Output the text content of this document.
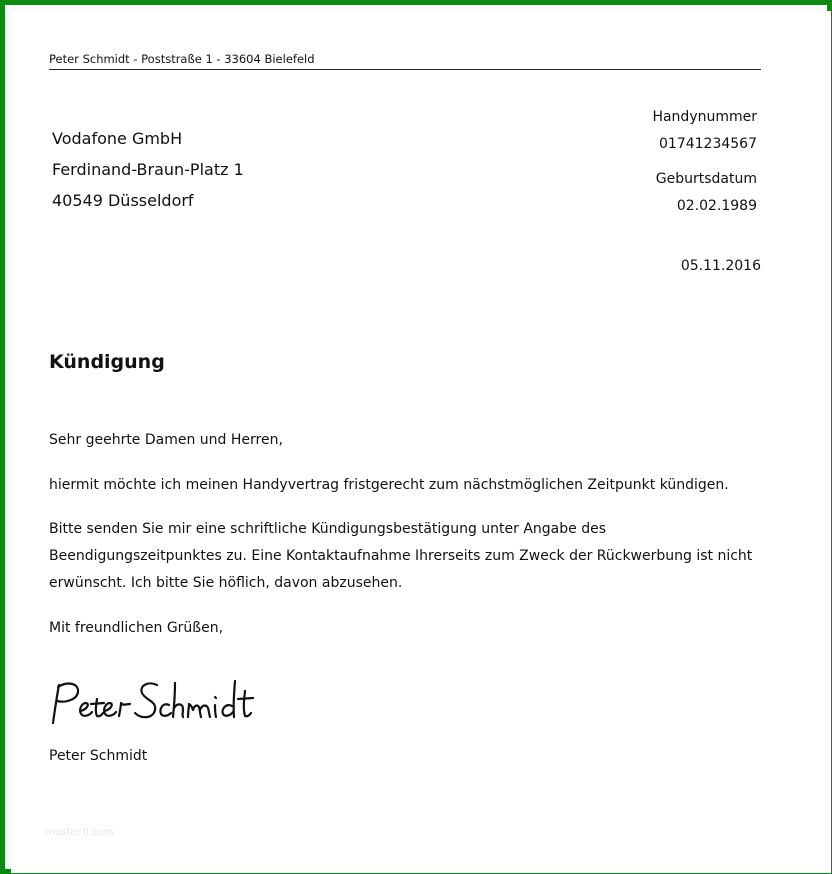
Peter Schmidt - Poststraße 1 - 33604 Bielefeld
Vodafone GmbH
Ferdinand-Braun-Platz 1
40549 Düsseldorf
Handynummer
01741234567
Geburtsdatum
02.02.1989
05.11.2016
Kündigung
Sehr geehrte Damen und Herren,
hiermit möchte ich meinen Handyvertrag fristgerecht zum nächstmöglichen Zeitpunkt kündigen.
Bitte senden Sie mir eine schriftliche Kündigungsbestätigung unter Angabe des Beendigungszeitpunktes zu. Eine Kontaktaufnahme Ihrerseits zum Zweck der Rückwerbung ist nicht erwünscht. Ich bitte Sie höflich, davon abzusehen.
Mit freundlichen Grüßen,
Peter Schmidt
muster.fi.com
